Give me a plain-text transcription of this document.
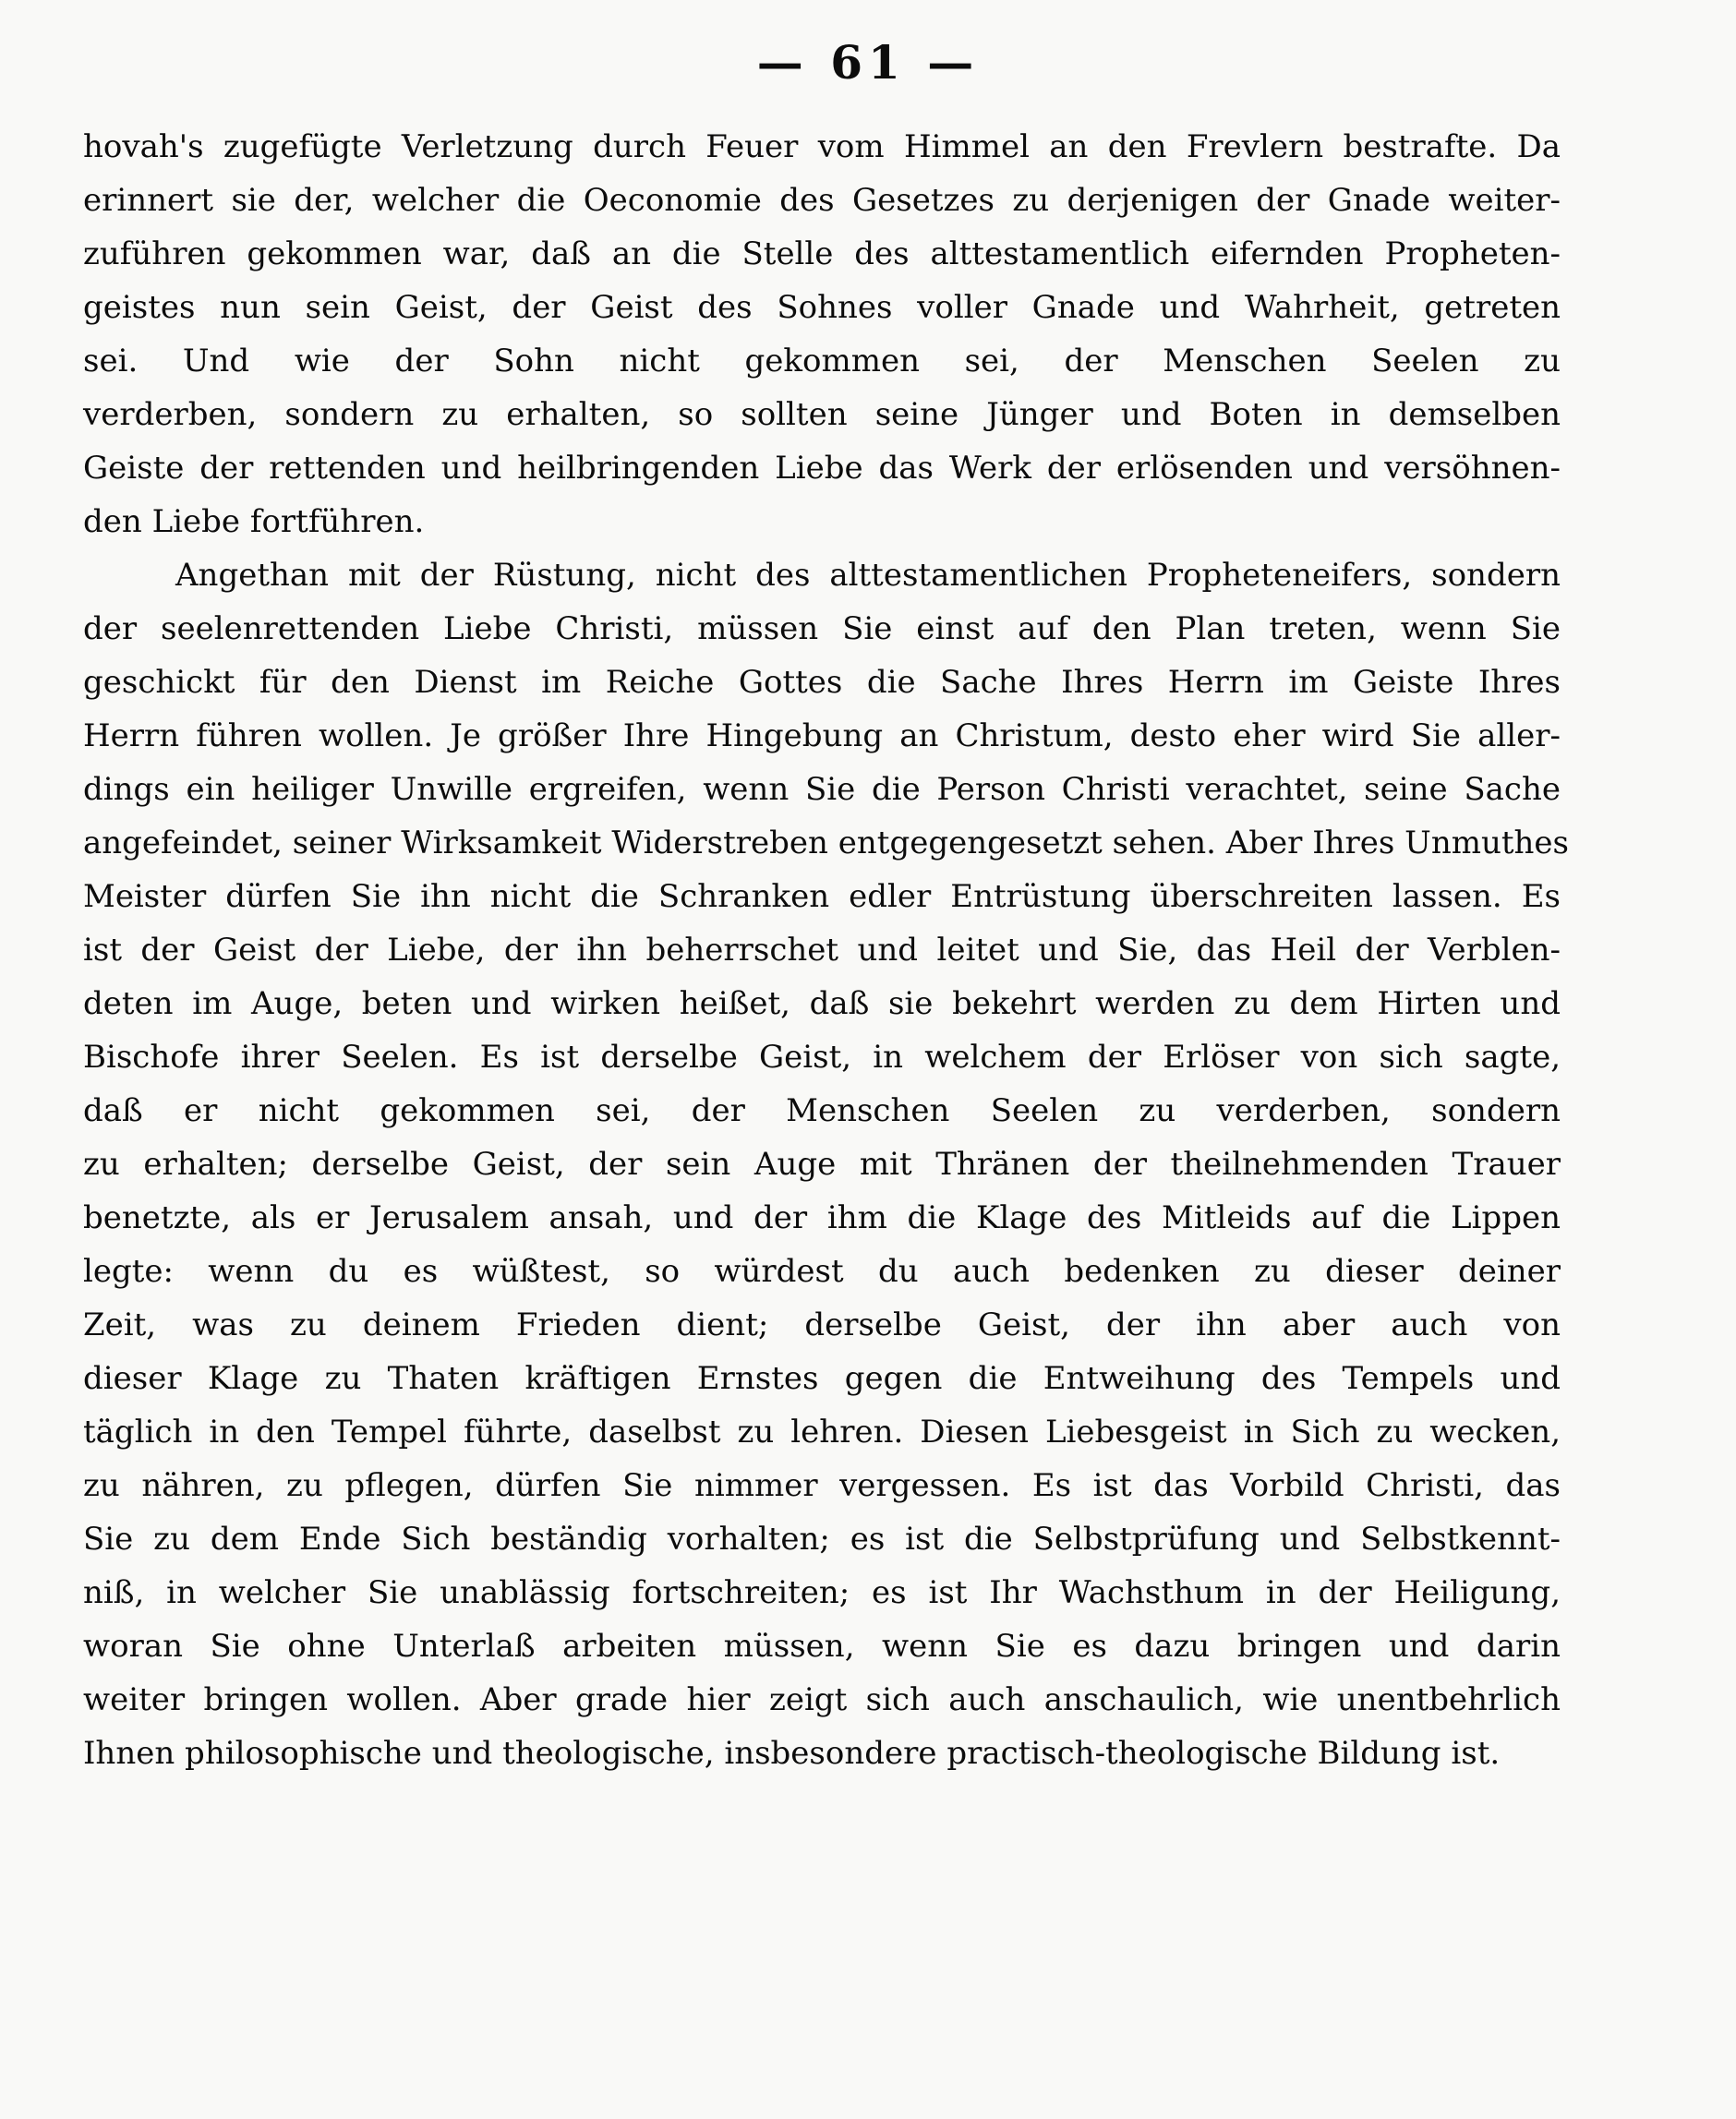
— 61 —
hovah's zugefügte Verletzung durch Feuer vom Himmel an den Frevlern bestrafte. Da
erinnert sie der, welcher die Oeconomie des Gesetzes zu derjenigen der Gnade weiter-
zuführen gekommen war, daß an die Stelle des alttestamentlich eifernden Propheten-
geistes nun sein Geist, der Geist des Sohnes voller Gnade und Wahrheit, getreten
sei. Und wie der Sohn nicht gekommen sei, der Menschen Seelen zu
verderben, sondern zu erhalten, so sollten seine Jünger und Boten in demselben
Geiste der rettenden und heilbringenden Liebe das Werk der erlösenden und versöhnen-
den Liebe fortführen.
Angethan mit der Rüstung, nicht des alttestamentlichen Propheteneifers, sondern
der seelenrettenden Liebe Christi, müssen Sie einst auf den Plan treten, wenn Sie
geschickt für den Dienst im Reiche Gottes die Sache Ihres Herrn im Geiste Ihres
Herrn führen wollen. Je größer Ihre Hingebung an Christum, desto eher wird Sie aller-
dings ein heiliger Unwille ergreifen, wenn Sie die Person Christi verachtet, seine Sache
angefeindet, seiner Wirksamkeit Widerstreben entgegengesetzt sehen. Aber Ihres Unmuthes
Meister dürfen Sie ihn nicht die Schranken edler Entrüstung überschreiten lassen. Es
ist der Geist der Liebe, der ihn beherrschet und leitet und Sie, das Heil der Verblen-
deten im Auge, beten und wirken heißet, daß sie bekehrt werden zu dem Hirten und
Bischofe ihrer Seelen. Es ist derselbe Geist, in welchem der Erlöser von sich sagte,
daß er nicht gekommen sei, der Menschen Seelen zu verderben, sondern
zu erhalten; derselbe Geist, der sein Auge mit Thränen der theilnehmenden Trauer
benetzte, als er Jerusalem ansah, und der ihm die Klage des Mitleids auf die Lippen
legte: wenn du es wüßtest, so würdest du auch bedenken zu dieser deiner
Zeit, was zu deinem Frieden dient; derselbe Geist, der ihn aber auch von
dieser Klage zu Thaten kräftigen Ernstes gegen die Entweihung des Tempels und
täglich in den Tempel führte, daselbst zu lehren. Diesen Liebesgeist in Sich zu wecken,
zu nähren, zu pflegen, dürfen Sie nimmer vergessen. Es ist das Vorbild Christi, das
Sie zu dem Ende Sich beständig vorhalten; es ist die Selbstprüfung und Selbstkennt-
niß, in welcher Sie unablässig fortschreiten; es ist Ihr Wachsthum in der Heiligung,
woran Sie ohne Unterlaß arbeiten müssen, wenn Sie es dazu bringen und darin
weiter bringen wollen. Aber grade hier zeigt sich auch anschaulich, wie unentbehrlich
Ihnen philosophische und theologische, insbesondere practisch-theologische Bildung ist.
